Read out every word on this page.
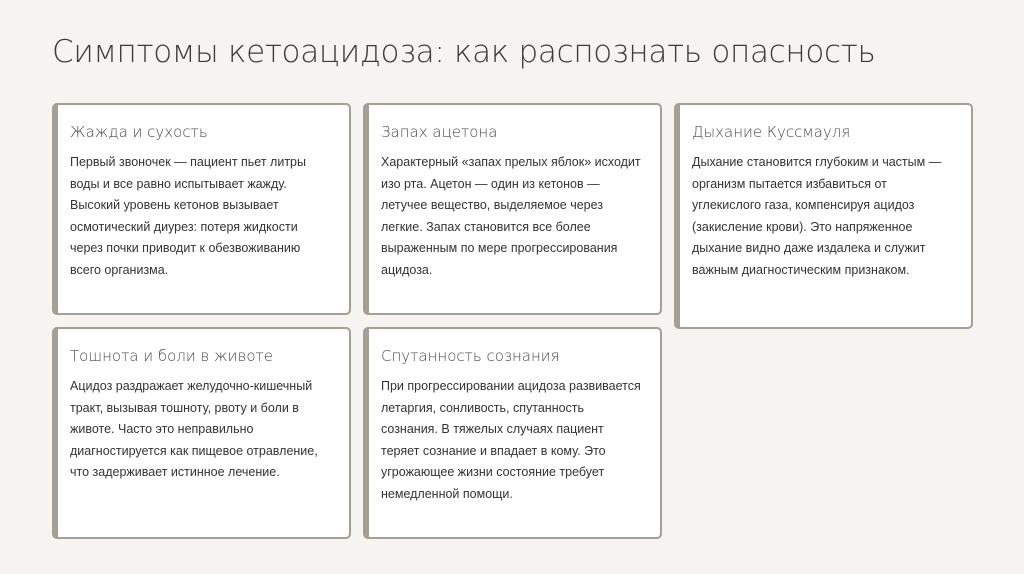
Симптомы кетоацидоза: как распознать опасность
Жажда и сухость

Первый звоночек — пациент пьет литры воды и все равно испытывает жажду. Высокий уровень кетонов вызывает осмотический диурез: потеря жидкости через почки приводит к обезвоживанию всего организма.

Запах ацетона

Характерный «запах прелых яблок» исходит изо рта. Ацетон — один из кетонов — летучее вещество, выделяемое через легкие. Запах становится все более выраженным по мере прогрессирования ацидоза.

Дыхание Куссмауля

Дыхание становится глубоким и частым — организм пытается избавиться от углекислого газа, компенсируя ацидоз (закисление крови). Это напряженное дыхание видно даже издалека и служит важным диагностическим признаком.

Тошнота и боли в животе

Ацидоз раздражает желудочно-кишечный тракт, вызывая тошноту, рвоту и боли в животе. Часто это неправильно диагностируется как пищевое отравление, что задерживает истинное лечение.

Спутанность сознания

При прогрессировании ацидоза развивается летаргия, сонливость, спутанность сознания. В тяжелых случаях пациент теряет сознание и впадает в кому. Это угрожающее жизни состояние требует немедленной помощи.
